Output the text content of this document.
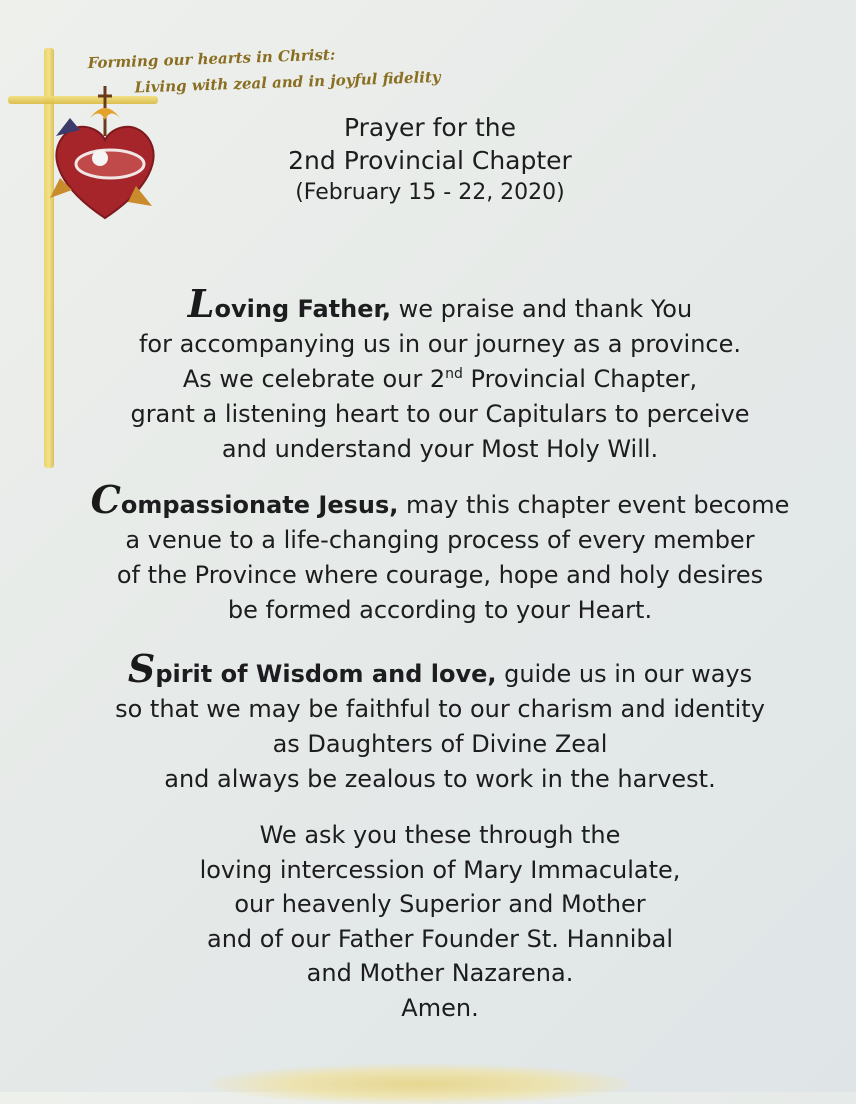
Forming our hearts in Christ:
Living with zeal and in joyful fidelity
Prayer for the
2nd Provincial Chapter
(February 15 - 22, 2020)
Loving Father, we praise and thank You
for accompanying us in our journey as a province.
As we celebrate our 2nd Provincial Chapter,
grant a listening heart to our Capitulars to perceive
and understand your Most Holy Will.
Compassionate Jesus, may this chapter event become
a venue to a life-changing process of every member
of the Province where courage, hope and holy desires
be formed according to your Heart.
Spirit of Wisdom and love, guide us in our ways
so that we may be faithful to our charism and identity
as Daughters of Divine Zeal
and always be zealous to work in the harvest.
We ask you these through the
loving intercession of Mary Immaculate,
our heavenly Superior and Mother
and of our Father Founder St. Hannibal
and Mother Nazarena.
Amen.
